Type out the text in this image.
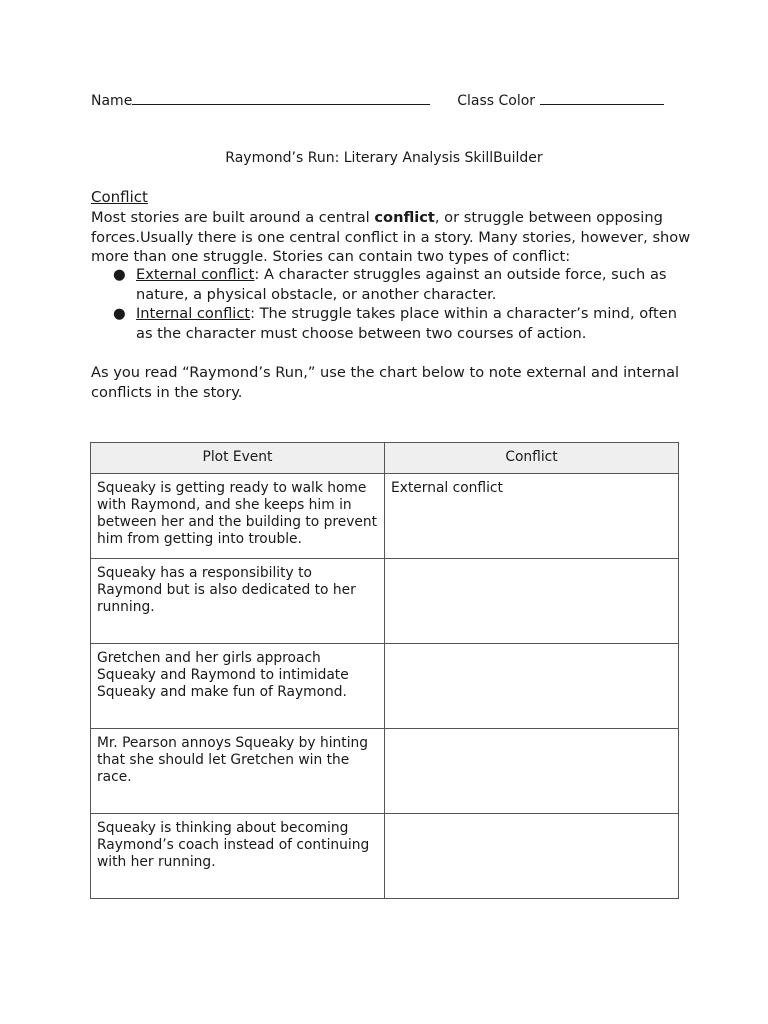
Name	Class Color
Raymond’s Run: Literary Analysis SkillBuilder
Conflict
Most stories are built around a central conflict, or struggle between opposing forces.Usually there is one central conflict in a story. Many stories, however, show more than one struggle. Stories can contain two types of conflict:
● External conflict: A character struggles against an outside force, such as nature, a physical obstacle, or another character.
● Internal conflict: The struggle takes place within a character’s mind, often as the character must choose between two courses of action.
As you read “Raymond’s Run,” use the chart below to note external and internal conflicts in the story.
Plot Event	Conflict
Squeaky is getting ready to walk home with Raymond, and she keeps him in between her and the building to prevent him from getting into trouble.	External conflict
Squeaky has a responsibility to Raymond but is also dedicated to her running.	
Gretchen and her girls approach Squeaky and Raymond to intimidate Squeaky and make fun of Raymond.	
Mr. Pearson annoys Squeaky by hinting that she should let Gretchen win the race.	
Squeaky is thinking about becoming Raymond’s coach instead of continuing with her running.	
